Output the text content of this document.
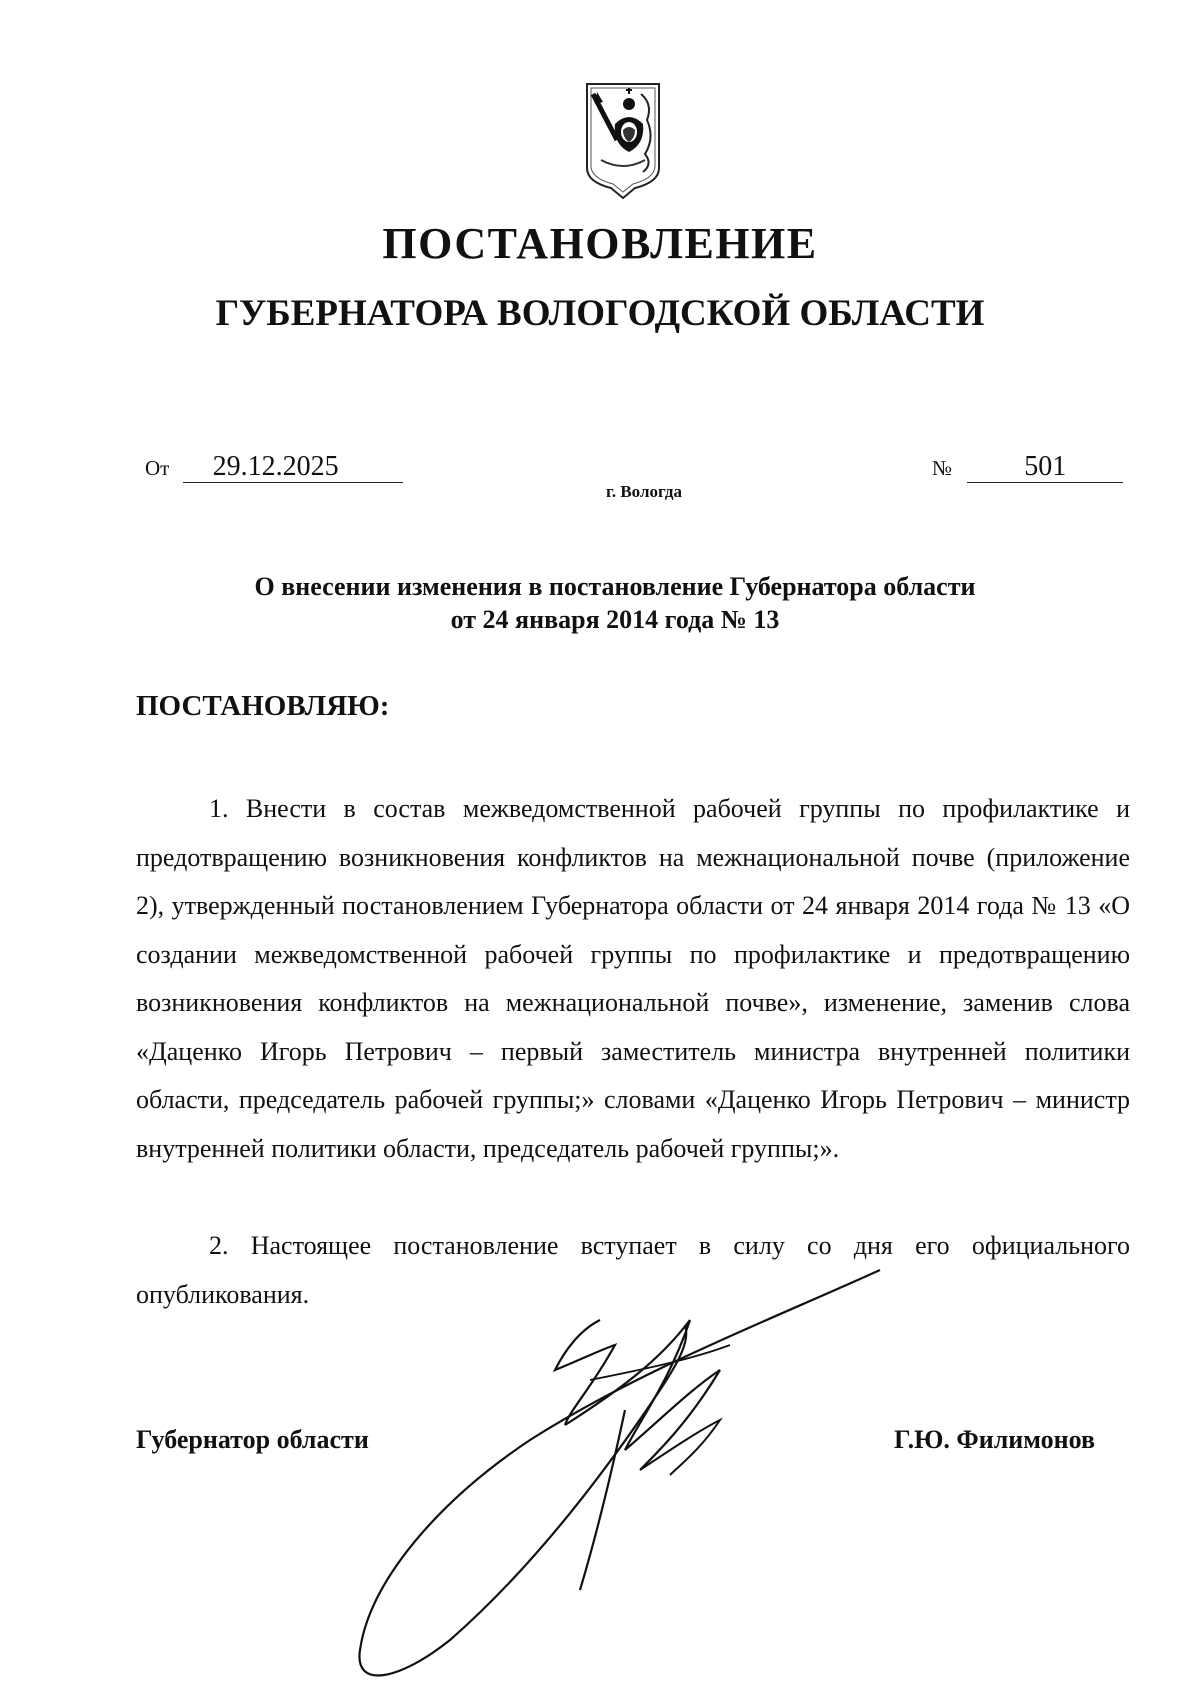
ПОСТАНОВЛЕНИЕ
ГУБЕРНАТОРА ВОЛОГОДСКОЙ ОБЛАСТИ
От 29.12.2025	№	501
г. Вологда
О внесении изменения в постановление Губернатора области
от 24 января 2014 года № 13
ПОСТАНОВЛЯЮ:

1. Внести в состав межведомственной рабочей группы по профилактике и предотвращению возникновения конфликтов на межнациональной почве (приложение 2), утвержденный постановлением Губернатора области от 24 января 2014 года № 13 «О создании межведомственной рабочей группы по профилактике и предотвращению возникновения конфликтов на межнациональной почве», изменение, заменив слова «Даценко Игорь Петрович – первый заместитель министра внутренней политики области, председатель рабочей группы;» словами «Даценко Игорь Петрович – министр внутренней политики области, председатель рабочей группы;».

2. Настоящее постановление вступает в силу со дня его официального опубликования.

Губернатор области	Г.Ю. Филимонов
